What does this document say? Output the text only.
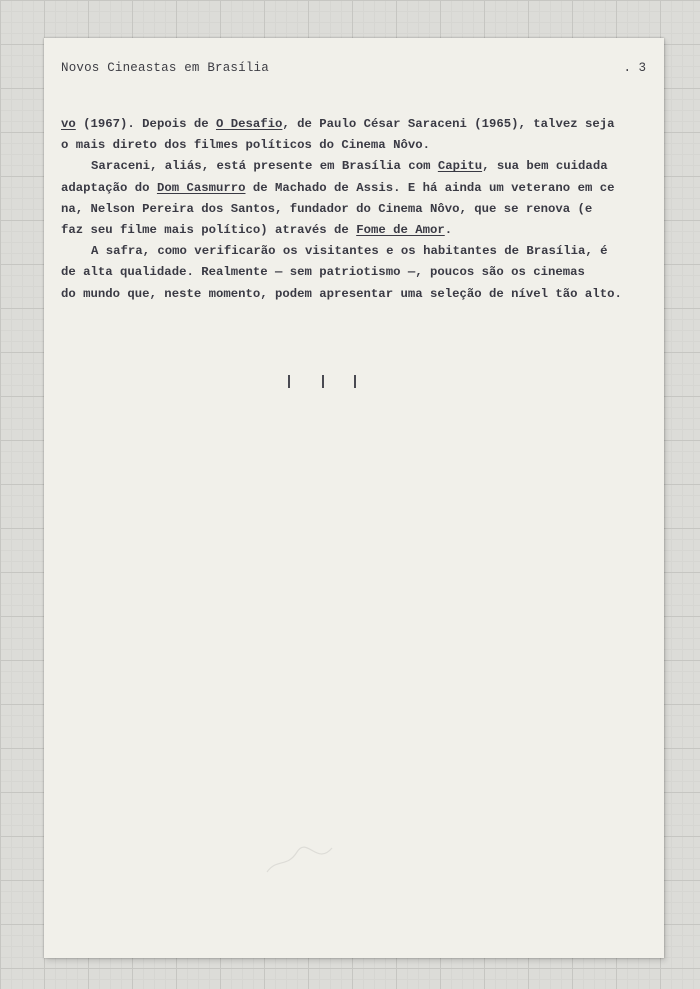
Novos Cineastas em Brasília	. 3
vo (1967). Depois de O Desafio, de Paulo César Saraceni (1965), talvez seja
o mais direto dos filmes políticos do Cinema Nôvo.
Saraceni, aliás, está presente em Brasília com Capitu, sua bem cuidada
adaptação do Dom Casmurro de Machado de Assis. E há ainda um veterano em ce
na, Nelson Pereira dos Santos, fundador do Cinema Nôvo, que se renova (e
faz seu filme mais político) através de Fome de Amor.
A safra, como verificarão os visitantes e os habitantes de Brasília, é
de alta qualidade. Realmente — sem patriotismo —, poucos são os cinemas
do mundo que, neste momento, podem apresentar uma seleção de nível tão alto.
